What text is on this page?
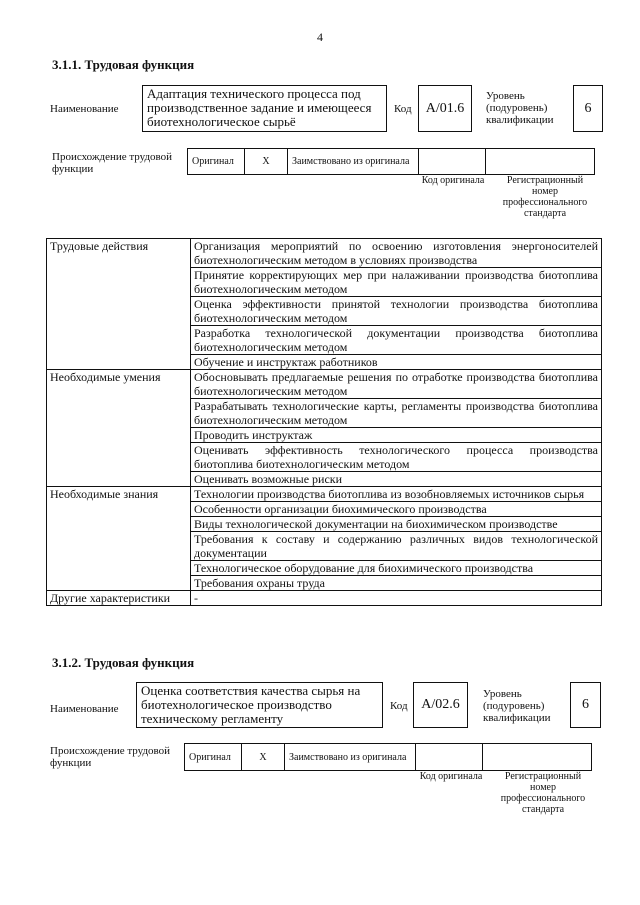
4
3.1.1. Трудовая функция
Наименование
Адаптация технического процесса под производственное задание и имеющееся биотехнологическое сырьё
Код	А/01.6
Уровень (подуровень) квалификации
6
Происхождение трудовой функции
Оригинал	X	Заимствовано из оригинала		
Код оригинала	Регистрационный номер профессионального стандарта
Трудовые действия	Организация мероприятий по освоению изготовления энергоносителей биотехнологическим методом в условиях производства
	Принятие корректирующих мер при налаживании производства биотоплива биотехнологическим методом
	Оценка эффективности принятой технологии производства биотоплива биотехнологическим методом
	Разработка технологической документации производства биотоплива биотехнологическим методом
	Обучение и инструктаж работников
Необходимые умения	Обосновывать предлагаемые решения по отработке производства биотоплива биотехнологическим методом
	Разрабатывать технологические карты, регламенты производства биотоплива биотехнологическим методом
	Проводить инструктаж
	Оценивать эффективность технологического процесса производства биотоплива биотехнологическим методом
	Оценивать возможные риски
Необходимые знания	Технологии производства биотоплива из возобновляемых источников сырья
	Особенности организации биохимического производства
	Виды технологической документации на биохимическом производстве
	Требования к составу и содержанию различных видов технологической документации
	Технологическое оборудование для биохимического производства
	Требования охраны труда
Другие характеристики	-
3.1.2. Трудовая функция
Наименование
Оценка соответствия качества сырья на биотехнологическое производство техническому регламенту
Код А/02.6
Уровень (подуровень) квалификации
6
Происхождение трудовой функции	Оригинал	X	Заимствовано из оригинала		
Код оригинала	Регистрационный номер профессионального стандарта
